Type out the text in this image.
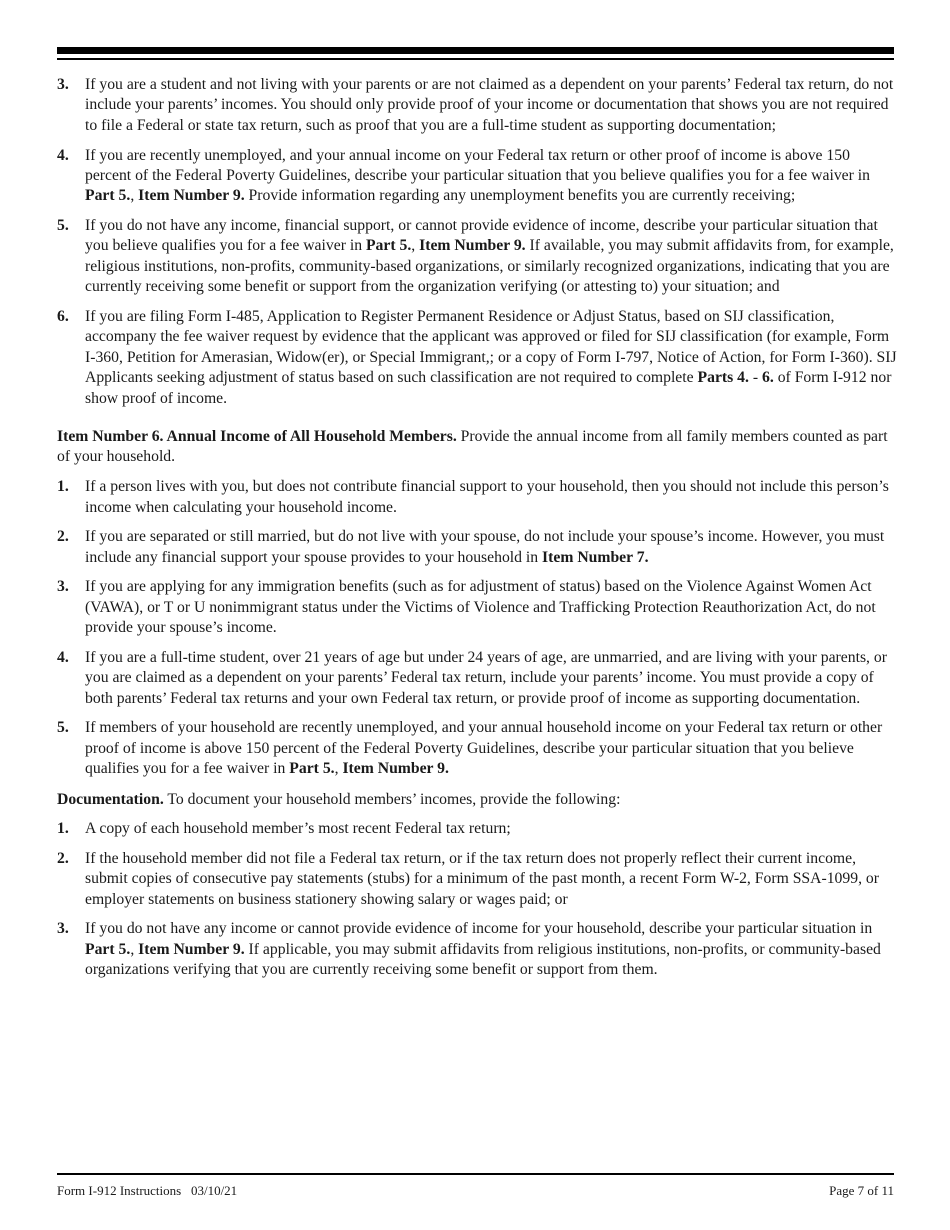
3. If you are a student and not living with your parents or are not claimed as a dependent on your parents’ Federal tax return, do not include your parents’ incomes. You should only provide proof of your income or documentation that shows you are not required to file a Federal or state tax return, such as proof that you are a full-time student as supporting documentation;
4. If you are recently unemployed, and your annual income on your Federal tax return or other proof of income is above 150 percent of the Federal Poverty Guidelines, describe your particular situation that you believe qualifies you for a fee waiver in Part 5., Item Number 9. Provide information regarding any unemployment benefits you are currently receiving;
5. If you do not have any income, financial support, or cannot provide evidence of income, describe your particular situation that you believe qualifies you for a fee waiver in Part 5., Item Number 9. If available, you may submit affidavits from, for example, religious institutions, non-profits, community-based organizations, or similarly recognized organizations, indicating that you are currently receiving some benefit or support from the organization verifying (or attesting to) your situation; and
6. If you are filing Form I-485, Application to Register Permanent Residence or Adjust Status, based on SIJ classification, accompany the fee waiver request by evidence that the applicant was approved or filed for SIJ classification (for example, Form I-360, Petition for Amerasian, Widow(er), or Special Immigrant,; or a copy of Form I-797, Notice of Action, for Form I-360). SIJ Applicants seeking adjustment of status based on such classification are not required to complete Parts 4. - 6. of Form I-912 nor show proof of income.

Item Number 6. Annual Income of All Household Members. Provide the annual income from all family members counted as part of your household.

1. If a person lives with you, but does not contribute financial support to your household, then you should not include this person’s income when calculating your household income.
2. If you are separated or still married, but do not live with your spouse, do not include your spouse’s income. However, you must include any financial support your spouse provides to your household in Item Number 7.
3. If you are applying for any immigration benefits (such as for adjustment of status) based on the Violence Against Women Act (VAWA), or T or U nonimmigrant status under the Victims of Violence and Trafficking Protection Reauthorization Act, do not provide your spouse’s income.
4. If you are a full-time student, over 21 years of age but under 24 years of age, are unmarried, and are living with your parents, or you are claimed as a dependent on your parents’ Federal tax return, include your parents’ income. You must provide a copy of both parents’ Federal tax returns and your own Federal tax return, or provide proof of income as supporting documentation.
5. If members of your household are recently unemployed, and your annual household income on your Federal tax return or other proof of income is above 150 percent of the Federal Poverty Guidelines, describe your particular situation that you believe qualifies you for a fee waiver in Part 5., Item Number 9.

Documentation. To document your household members’ incomes, provide the following:

1. A copy of each household member’s most recent Federal tax return;
2. If the household member did not file a Federal tax return, or if the tax return does not properly reflect their current income, submit copies of consecutive pay statements (stubs) for a minimum of the past month, a recent Form W-2, Form SSA-1099, or employer statements on business stationery showing salary or wages paid; or
3. If you do not have any income or cannot provide evidence of income for your household, describe your particular situation in Part 5., Item Number 9. If applicable, you may submit affidavits from religious institutions, non-profits, or community-based organizations verifying that you are currently receiving some benefit or support from them.
Form I-912 Instructions   03/10/21	Page 7 of 11
